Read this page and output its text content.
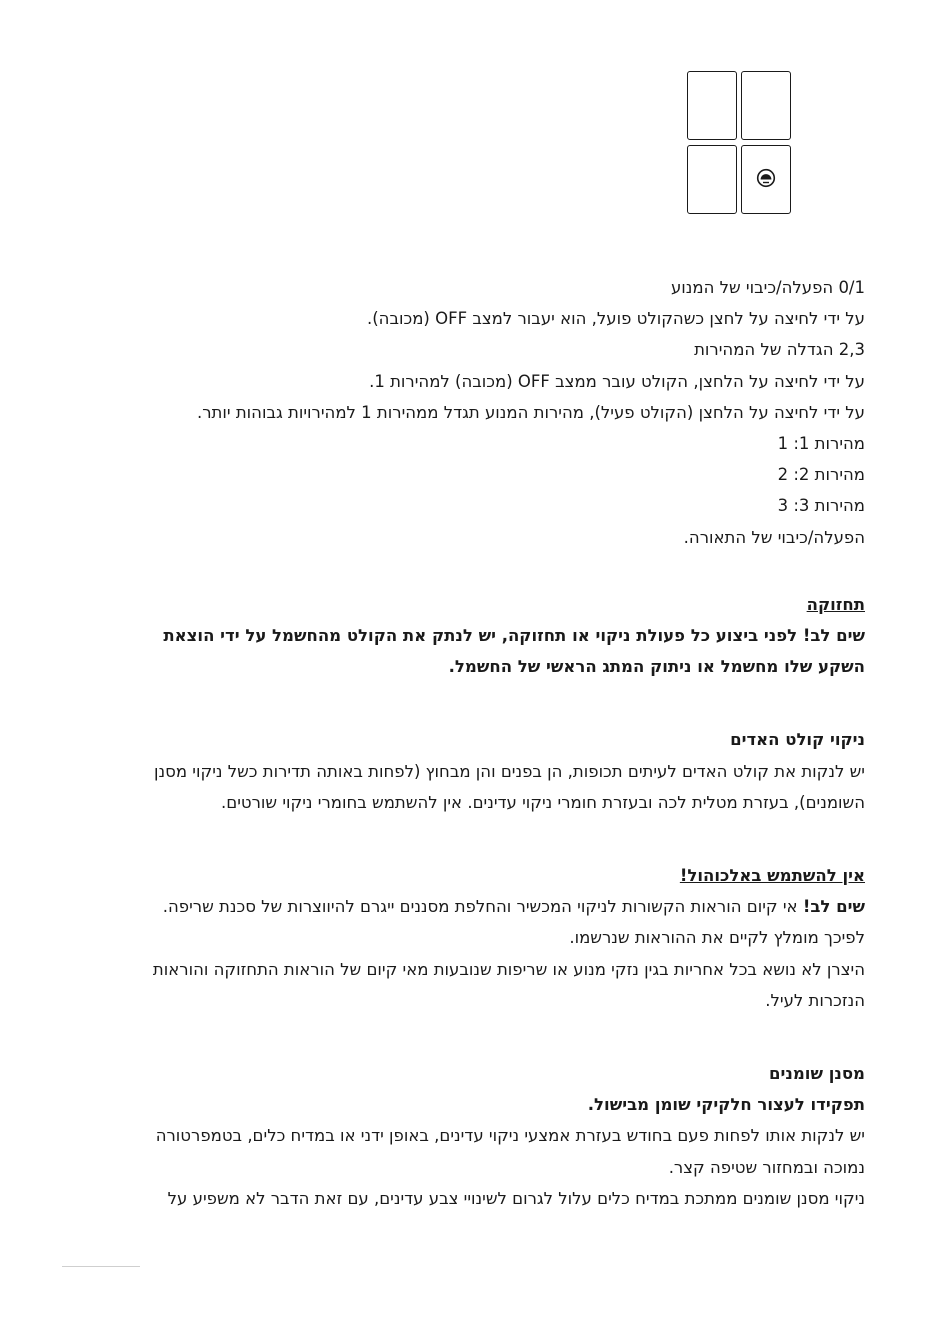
0/1 הפעלה/כיבוי של המנוע

על ידי לחיצה על לחצן כשהקולט פועל, הוא יעבור למצב OFF (מכובה).

2,3 הגדלה של המהירות

על ידי לחיצה על הלחצן, הקולט עובר ממצב OFF (מכובה) למהירות 1.

על ידי לחיצה על הלחצן (הקולט פעיל), מהירות המנוע תגדל ממהירות 1 למהירויות גבוהות יותר.

מהירות 1: 1

מהירות 2: 2

מהירות 3: 3

הפעלה/כיבוי של התאורה.

תחזוקה

שים לב! לפני ביצוע כל פעולת ניקוי או תחזוקה, יש לנתק את הקולט מהחשמל על ידי הוצאת

השקע שלו מחשמל או ניתוק המתג הראשי של החשמל.

ניקוי קולט האדים

יש לנקות את קולט האדים לעיתים תכופות, הן בפנים והן מבחוץ (לפחות באותה תדירות כשל ניקוי מסנן

השומנים), בעזרת מטלית לכה ובעזרת חומרי ניקוי עדינים. אין להשתמש בחומרי ניקוי שורטים.

אין להשתמש באלכוהול!

שים לב! אי קיום הוראות הקשורות לניקוי המכשיר והחלפת מסננים ייגרם להיווצרות של סכנת שריפה.

לפיכך מומלץ לקיים את ההוראות שנרשמו.

היצרן לא נושא בכל אחריות בגין נזקי מנוע או שריפות שנובעות מאי קיום של הוראות התחזוקה והוראות

הנזכרות לעיל.

מסנן שומנים

תפקידו לעצור חלקיקי שומן מבישול.

יש לנקות אותו לפחות פעם בחודש בעזרת אמצעי ניקוי עדינים, באופן ידני או במדיח כלים, בטמפרטורה

נמוכה ובמחזור שטיפה קצר.

ניקוי מסנן שומנים ממתכת במדיח כלים עלול לגרום לשינויי צבע עדינים, עם זאת הדבר לא משפיע על
